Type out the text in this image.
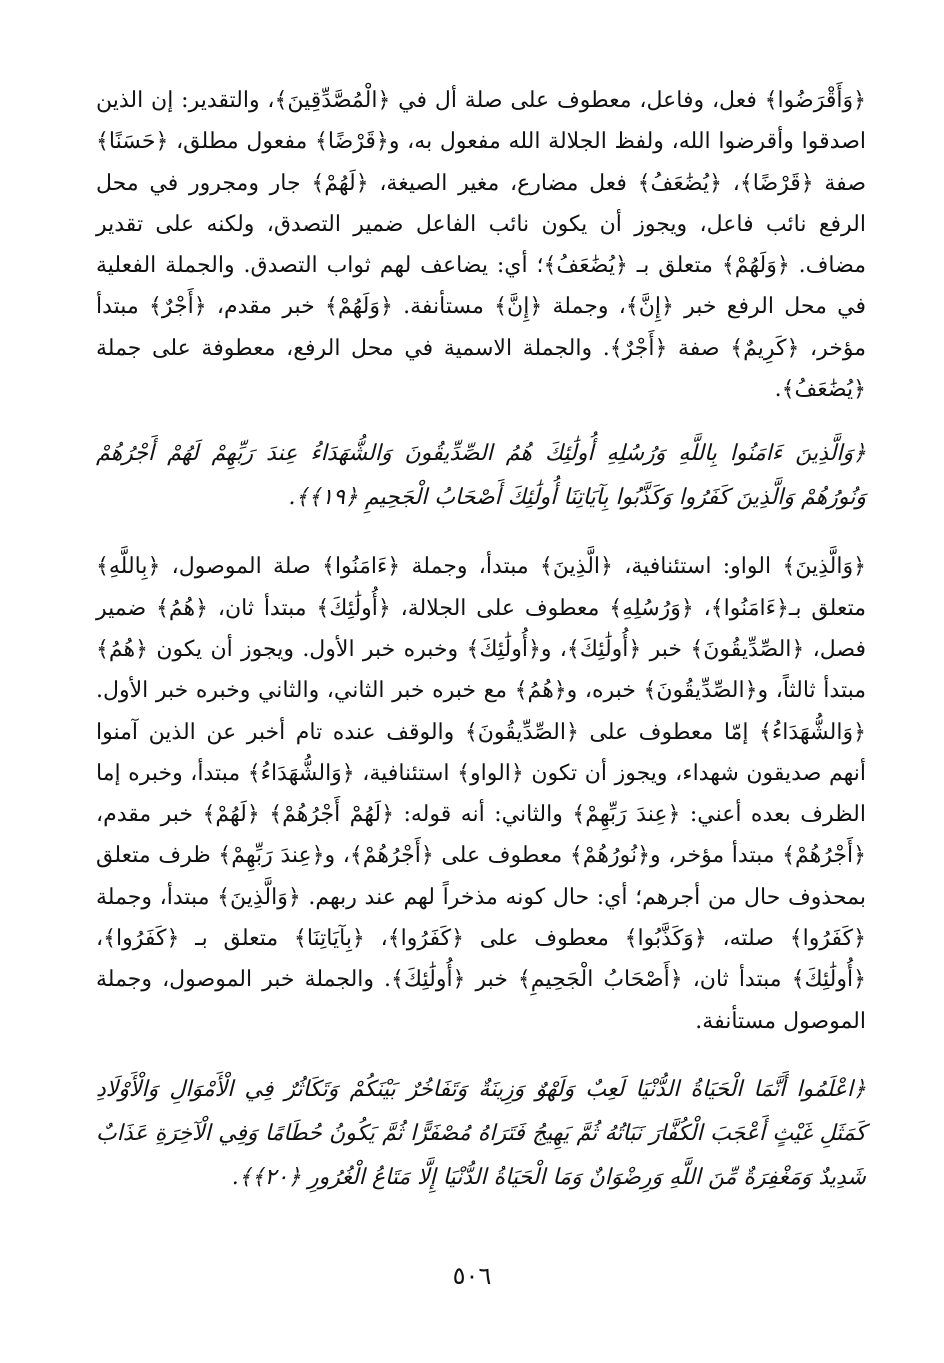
﴿وَأَقْرَضُوا﴾ فعل، وفاعل، معطوف على صلة أل في ﴿الْمُصَّدِّقِينَ﴾، والتقدير: إن الذين اصدقوا وأقرضوا الله، ولفظ الجلالة الله مفعول به، و﴿قَرْضًا﴾ مفعول مطلق، ﴿حَسَنًا﴾ صفة ﴿قَرْضًا﴾، ﴿يُضَٰعَفُ﴾ فعل مضارع، مغير الصيغة، ﴿لَهُمْ﴾ جار ومجرور في محل الرفع نائب فاعل، ويجوز أن يكون نائب الفاعل ضمير التصدق، ولكنه على تقدير مضاف. ﴿وَلَهُمْ﴾ متعلق بـ ﴿يُضَٰعَفُ﴾؛ أي: يضاعف لهم ثواب التصدق. والجملة الفعلية في محل الرفع خبر ﴿إِنَّ﴾، وجملة ﴿إِنَّ﴾ مستأنفة. ﴿وَلَهُمْ﴾ خبر مقدم، ﴿أَجْرٌ﴾ مبتدأ مؤخر، ﴿كَرِيمٌ﴾ صفة ﴿أَجْرٌ﴾. والجملة الاسمية في محل الرفع، معطوفة على جملة ﴿يُضَٰعَفُ﴾.

﴿وَالَّذِينَ ءَامَنُوا بِاللَّهِ وَرُسُلِهِ أُولَٰئِكَ هُمُ الصِّدِّيقُونَ وَالشُّهَدَاءُ عِندَ رَبِّهِمْ لَهُمْ أَجْرُهُمْ وَنُورُهُمْ وَالَّذِينَ كَفَرُوا وَكَذَّبُوا بِآيَاتِنَا أُولَٰئِكَ أَصْحَابُ الْجَحِيمِ ﴿١٩﴾﴾.

﴿وَالَّذِينَ﴾ الواو: استئنافية، ﴿الَّذِينَ﴾ مبتدأ، وجملة ﴿ءَامَنُوا﴾ صلة الموصول، ﴿بِاللَّهِ﴾ متعلق بـ﴿ءَامَنُوا﴾، ﴿وَرُسُلِهِ﴾ معطوف على الجلالة، ﴿أُولَٰئِكَ﴾ مبتدأ ثان، ﴿هُمُ﴾ ضمير فصل، ﴿الصِّدِّيقُونَ﴾ خبر ﴿أُولَٰئِكَ﴾، و﴿أُولَٰئِكَ﴾ وخبره خبر الأول. ويجوز أن يكون ﴿هُمُ﴾ مبتدأ ثالثاً، و﴿الصِّدِّيقُونَ﴾ خبره، و﴿هُمُ﴾ مع خبره خبر الثاني، والثاني وخبره خبر الأول. ﴿وَالشُّهَدَاءُ﴾ إمّا معطوف على ﴿الصِّدِّيقُونَ﴾ والوقف عنده تام أخبر عن الذين آمنوا أنهم صديقون شهداء، ويجوز أن تكون ﴿الواو﴾ استئنافية، ﴿وَالشُّهَدَاءُ﴾ مبتدأ، وخبره إما الظرف بعده أعني: ﴿عِندَ رَبِّهِمْ﴾ والثاني: أنه قوله: ﴿لَهُمْ أَجْرُهُمْ﴾ ﴿لَهُمْ﴾ خبر مقدم، ﴿أَجْرُهُمْ﴾ مبتدأ مؤخر، و﴿نُورُهُمْ﴾ معطوف على ﴿أَجْرُهُمْ﴾، و﴿عِندَ رَبِّهِمْ﴾ ظرف متعلق بمحذوف حال من أجرهم؛ أي: حال كونه مذخراً لهم عند ربهم. ﴿وَالَّذِينَ﴾ مبتدأ، وجملة ﴿كَفَرُوا﴾ صلته، ﴿وَكَذَّبُوا﴾ معطوف على ﴿كَفَرُوا﴾، ﴿بِآيَاتِنَا﴾ متعلق بـ ﴿كَفَرُوا﴾، ﴿أُولَٰئِكَ﴾ مبتدأ ثان، ﴿أَصْحَابُ الْجَحِيمِ﴾ خبر ﴿أُولَٰئِكَ﴾. والجملة خبر الموصول، وجملة الموصول مستأنفة.

﴿اعْلَمُوا أَنَّمَا الْحَيَاةُ الدُّنْيَا لَعِبٌ وَلَهْوٌ وَزِينَةٌ وَتَفَاخُرٌ بَيْنَكُمْ وَتَكَاثُرٌ فِي الْأَمْوَالِ وَالْأَوْلَادِ كَمَثَلِ غَيْثٍ أَعْجَبَ الْكُفَّارَ نَبَاتُهُ ثُمَّ يَهِيجُ فَتَرَاهُ مُصْفَرًّا ثُمَّ يَكُونُ حُطَامًا وَفِي الْآخِرَةِ عَذَابٌ شَدِيدٌ وَمَغْفِرَةٌ مِّنَ اللَّهِ وَرِضْوَانٌ وَمَا الْحَيَاةُ الدُّنْيَا إِلَّا مَتَاعُ الْغُرُورِ ﴿٢٠﴾﴾.

٥٠٦
